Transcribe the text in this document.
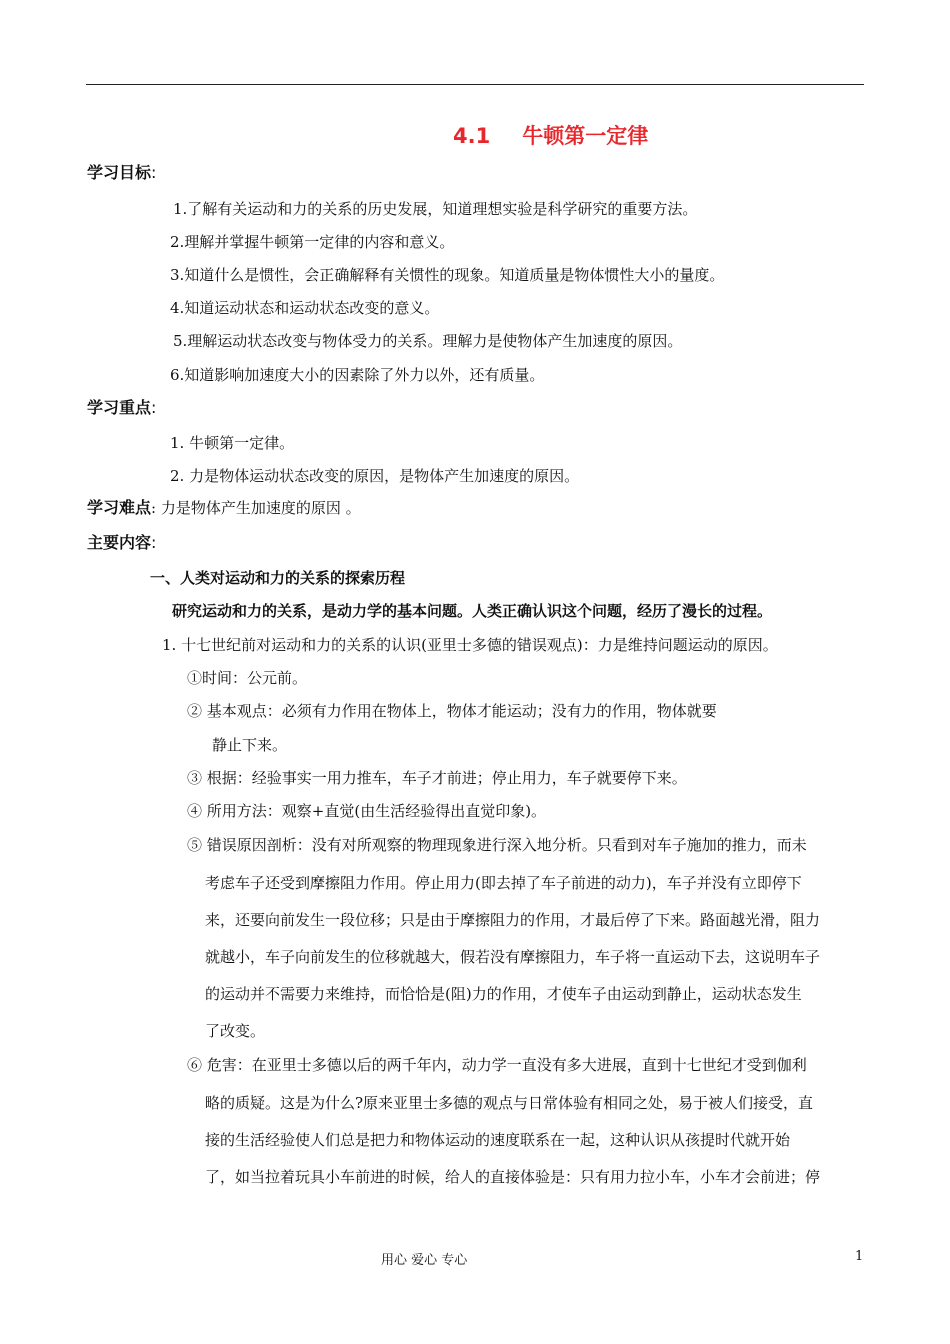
4.1 牛顿第一定律
学习目标:
1.了解有关运动和力的关系的历史发展，知道理想实验是科学研究的重要方法。
2.理解并掌握牛顿第一定律的内容和意义。
3.知道什么是惯性，会正确解释有关惯性的现象。知道质量是物体惯性大小的量度。
4.知道运动状态和运动状态改变的意义。
5.理解运动状态改变与物体受力的关系。理解力是使物体产生加速度的原因。
6.知道影响加速度大小的因素除了外力以外，还有质量。
学习重点:
1. 牛顿第一定律。
2. 力是物体运动状态改变的原因，是物体产生加速度的原因。
学习难点: 力是物体产生加速度的原因 。
主要内容:
一、人类对运动和力的关系的探索历程
研究运动和力的关系，是动力学的基本问题。人类正确认识这个问题，经历了漫长的过程。
1. 十七世纪前对运动和力的关系的认识(亚里士多德的错误观点)：力是维持问题运动的原因。
①时间：公元前。
② 基本观点：必须有力作用在物体上，物体才能运动；没有力的作用，物体就要
静止下来。
③ 根据：经验事实一用力推车，车子才前进；停止用力，车子就要停下来。
④ 所用方法：观察+直觉(由生活经验得出直觉印象)。
⑤ 错误原因剖析：没有对所观察的物理现象进行深入地分析。只看到对车子施加的推力，而未
考虑车子还受到摩擦阻力作用。停止用力(即去掉了车子前进的动力)，车子并没有立即停下
来，还要向前发生一段位移；只是由于摩擦阻力的作用，才最后停了下来。路面越光滑，阻力
就越小，车子向前发生的位移就越大，假若没有摩擦阻力，车子将一直运动下去，这说明车子
的运动并不需要力来维持，而恰恰是(阻)力的作用，才使车子由运动到静止，运动状态发生
了改变。
⑥ 危害：在亚里士多德以后的两千年内，动力学一直没有多大进展，直到十七世纪才受到伽利
略的质疑。这是为什么?原来亚里士多德的观点与日常体验有相同之处，易于被人们接受，直
接的生活经验使人们总是把力和物体运动的速度联系在一起，这种认识从孩提时代就开始
了，如当拉着玩具小车前进的时候，给人的直接体验是：只有用力拉小车，小车才会前进；停
用心 爱心 专心	1
